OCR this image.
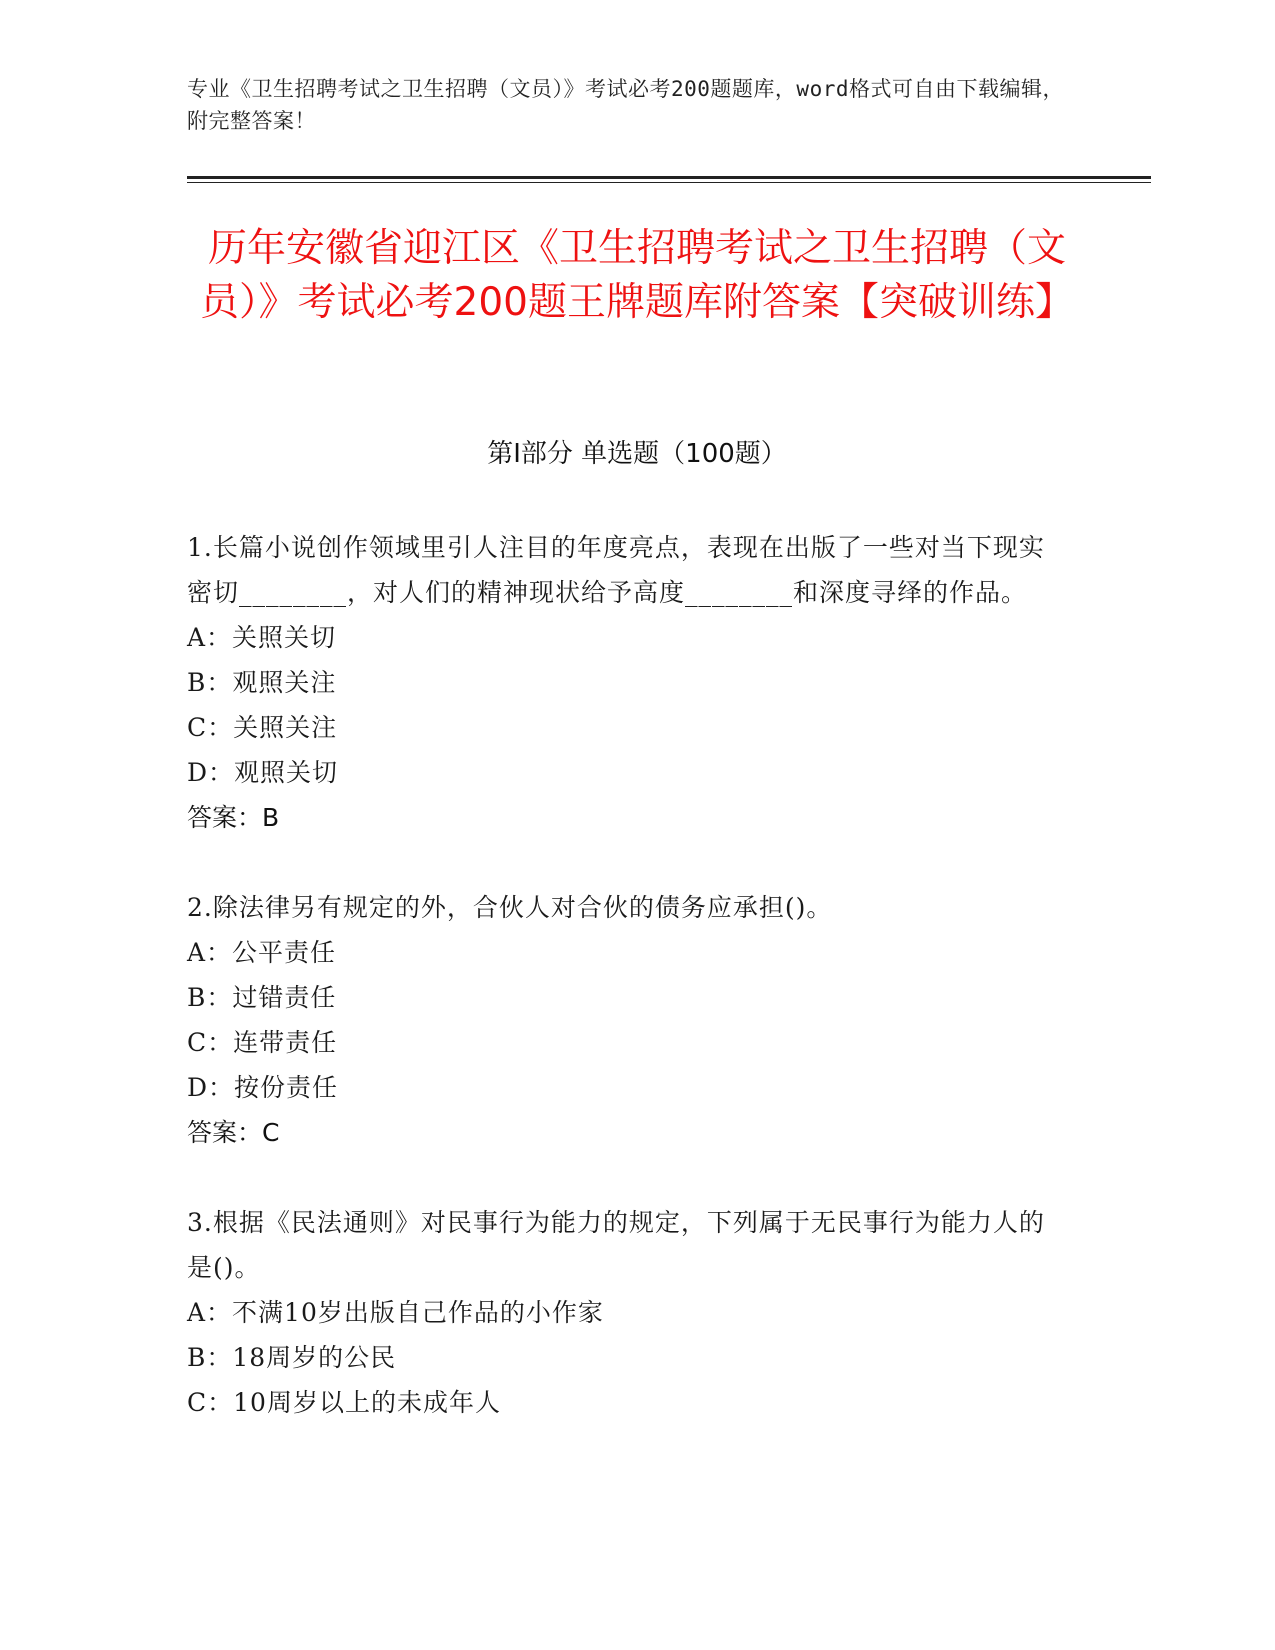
专业《卫生招聘考试之卫生招聘（文员）》考试必考200题题库，word格式可自由下载编辑，附完整答案！
历年安徽省迎江区《卫生招聘考试之卫生招聘（文员）》考试必考200题王牌题库附答案【突破训练】
第Ⅰ部分 单选题（100题）
1.长篇小说创作领域里引人注目的年度亮点，表现在出版了一些对当下现实密切________，对人们的精神现状给予高度________和深度寻绎的作品。
A：关照关切
B：观照关注
C：关照关注
D：观照关切
答案：B
2.除法律另有规定的外，合伙人对合伙的债务应承担()。
A：公平责任
B：过错责任
C：连带责任
D：按份责任
答案：C
3.根据《民法通则》对民事行为能力的规定，下列属于无民事行为能力人的是()。
A：不满10岁出版自己作品的小作家
B：18周岁的公民
C：10周岁以上的未成年人
